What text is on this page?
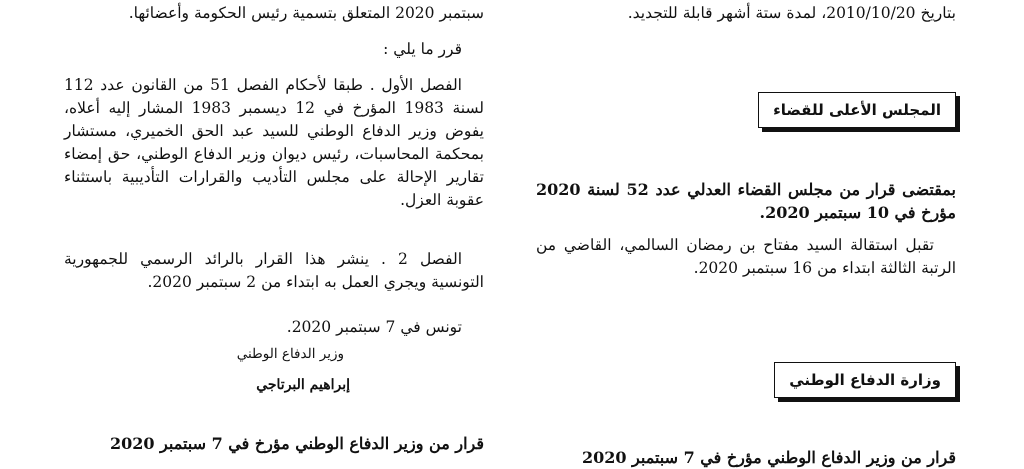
بتاريخ 2010/10/20، لمدة ستة أشهر قابلة للتجديد.

المجلس الأعلى للقضاء

بمقتضى قرار من مجلس القضاء العدلي عدد 52 لسنة 2020 مؤرخ في 10 سبتمبر 2020.

تقبل استقالة السيد مفتاح بن رمضان السالمي، القاضي من الرتبة الثالثة ابتداء من 16 سبتمبر 2020.

وزارة الدفاع الوطني

قرار من وزير الدفاع الوطني مؤرخ في 7 سبتمبر 2020

سبتمبر 2020 المتعلق بتسمية رئيس الحكومة وأعضائها.

قرر ما يلي :

الفصل الأول . طبقا لأحكام الفصل 51 من القانون عدد 112 لسنة 1983 المؤرخ في 12 ديسمبر 1983 المشار إليه أعلاه، يفوض وزير الدفاع الوطني للسيد عبد الحق الخميري، مستشار بمحكمة المحاسبات، رئيس ديوان وزير الدفاع الوطني، حق إمضاء تقارير الإحالة على مجلس التأديب والقرارات التأديبية باستثناء عقوبة العزل.

الفصل 2 . ينشر هذا القرار بالرائد الرسمي للجمهورية التونسية ويجري العمل به ابتداء من 2 سبتمبر 2020.

تونس في 7 سبتمبر 2020.

وزير الدفاع الوطني
إبراهيم البرتاجي

قرار من وزير الدفاع الوطني مؤرخ في 7 سبتمبر 2020
